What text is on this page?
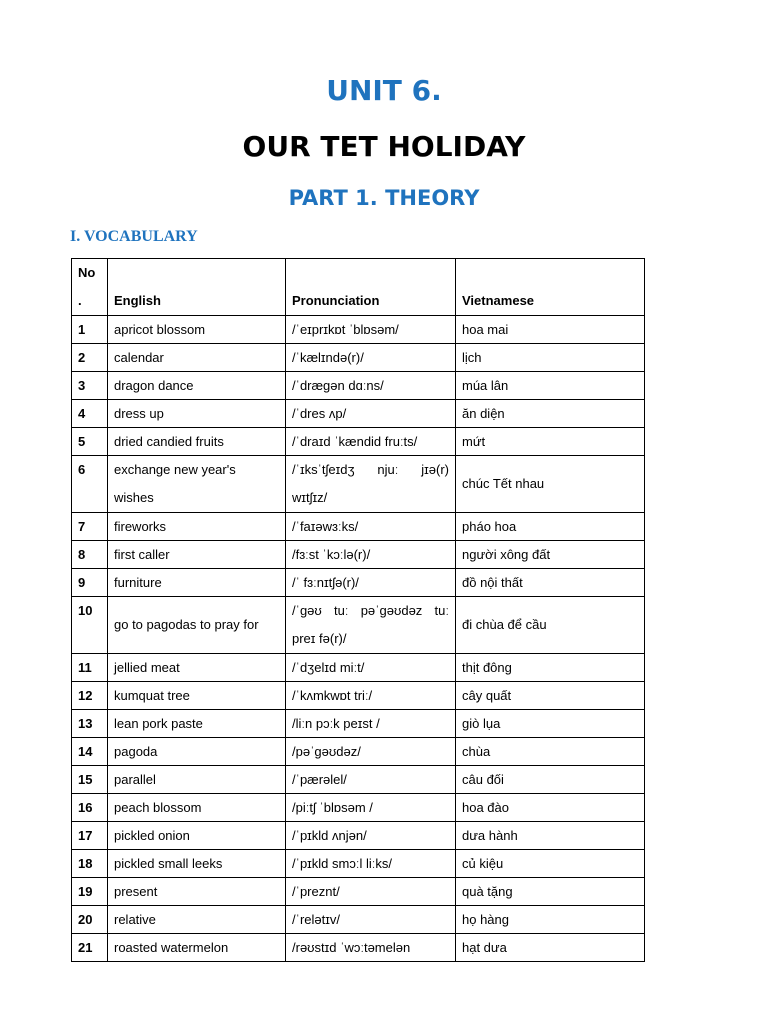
UNIT 6.
OUR TET HOLIDAY
PART 1. THEORY
I. VOCABULARY
No
.	English	Pronunciation	Vietnamese
1	apricot blossom	/ˈeɪprɪkɒt ˈblɒsəm/	hoa mai
2	calendar	/ˈkælɪndə(r)/	lịch
3	dragon dance	/ˈdræɡən dɑːns/	múa lân
4	dress up	/ˈdres ʌp/	ăn diện
5	dried candied fruits	/ˈdraɪd ˈkændid fruːts/	mứt
6	exchange new year's wishes	/ˈɪksˈtʃeɪdʒ njuː jɪə(r) wɪtʃɪz/	chúc Tết nhau
7	fireworks	/ˈfaɪəwɜːks/	pháo hoa
8	first caller	/fɜːst ˈkɔːlə(r)/	người xông đất
9	furniture	/ˈ fɜːnɪtʃə(r)/	đồ nội thất
10	go to pagodas to pray for	/ˈɡəʊ tuː pəˈɡəʊdəz tuː preɪ fə(r)/	đi chùa để cầu
11	jellied meat	/ˈdʒelɪd miːt/	thịt đông
12	kumquat tree	/ˈkʌmkwɒt triː/	cây quất
13	lean pork paste	/liːn pɔːk peɪst /	giò lụa
14	pagoda	/pəˈɡəʊdəz/	chùa
15	parallel	/ˈpærəlel/	câu đối
16	peach blossom	/piːtʃ ˈblɒsəm /	hoa đào
17	pickled onion	/ˈpɪkld ʌnjən/	dưa hành
18	pickled small leeks	/ˈpɪkld smɔːl liːks/	củ kiệu
19	present	/ˈpreznt/	quà tặng
20	relative	/ˈrelətɪv/	họ hàng
21	roasted watermelon	/rəʊstɪd ˈwɔːtəmelən	hạt dưa
